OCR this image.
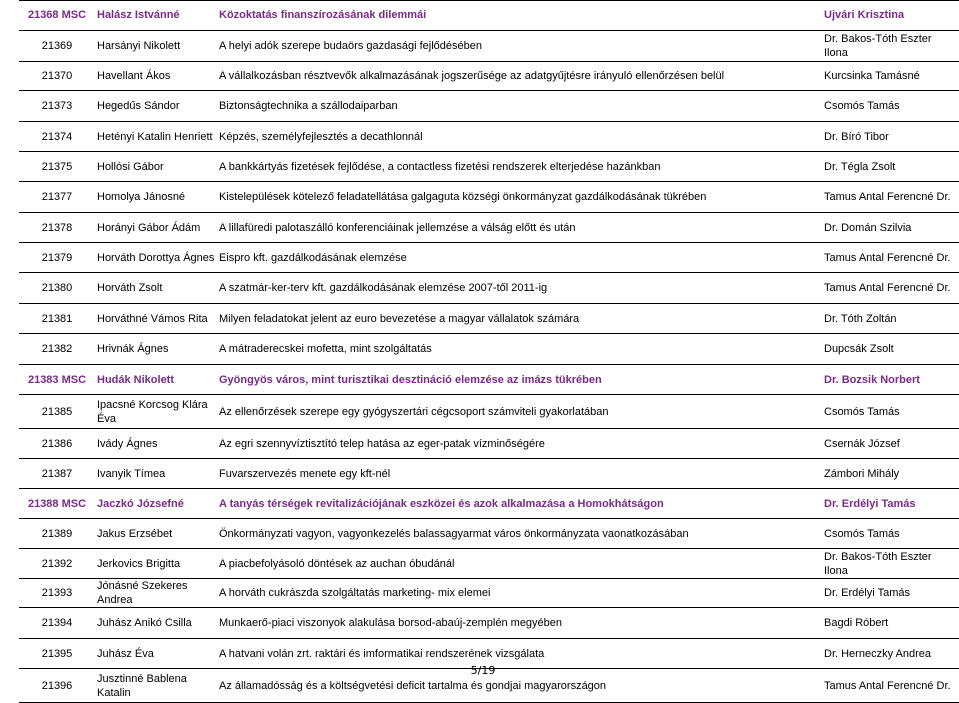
21368 MSC	Halász Istvánné	Közoktatás finanszírozásának dilemmái	Ujvári Krisztina
21369	Harsányi Nikolett	A helyi adók szerepe budaörs gazdasági fejlődésében	Dr. Bakos-Tóth Eszter Ilona
21370	Havellant Ákos	A vállalkozásban résztvevők alkalmazásának jogszerűsége az adatgyűjtésre irányuló ellenőrzésen belül	Kurcsinka Tamásné
21373	Hegedűs Sándor	Biztonságtechnika a szállodaiparban	Csomós Tamás
21374	Hetényi Katalin Henriett	Képzés, személyfejlesztés a decathlonnál	Dr. Bíró Tibor
21375	Hollósi Gábor	A bankkártyás fizetések fejlődése, a contactless fizetési rendszerek elterjedése hazánkban	Dr. Tégla Zsolt
21377	Homolya Jánosné	Kistelepülések kötelező feladatellátása galgaguta községi önkormányzat gazdálkodásának tükrében	Tamus Antal Ferencné Dr.
21378	Horányi Gábor Ádám	A lillafüredi palotaszálló konferenciáinak jellemzése a válság előtt és után	Dr. Domán Szilvia
21379	Horváth Dorottya Ágnes	Eispro kft. gazdálkodásának elemzése	Tamus Antal Ferencné Dr.
21380	Horváth Zsolt	A szatmár-ker-terv kft. gazdálkodásának elemzése 2007-től 2011-ig	Tamus Antal Ferencné Dr.
21381	Horváthné Vámos Rita	Milyen feladatokat jelent az euro bevezetése a magyar vállalatok számára	Dr. Tóth Zoltán
21382	Hrivnák Ágnes	A mátraderecskei mofetta, mint szolgáltatás	Dupcsák Zsolt
21383 MSC	Hudák Nikolett	Gyöngyös város, mint turisztikai desztináció elemzése az imázs tükrében	Dr. Bozsik Norbert
21385	Ipacsné Korcsog Klára Éva	Az ellenőrzések szerepe egy gyógyszertári cégcsoport számviteli gyakorlatában	Csomós Tamás
21386	Ivády Ágnes	Az egri szennyvíztisztító telep hatása az eger-patak vízminőségére	Csernák József
21387	Ivanyik Tímea	Fuvarszervezés menete egy kft-nél	Zámbori Mihály
21388 MSC	Jaczkó Józsefné	A tanyás térségek revitalizációjának eszközei és azok alkalmazása a Homokhátságon	Dr. Erdélyi Tamás
21389	Jakus Erzsébet	Önkormányzati vagyon, vagyonkezelés balassagyarmat város önkormányzata vaonatkozásában	Csomós Tamás
21392	Jerkovics Brigitta	A piacbefolyásoló döntések az auchan óbudánál	Dr. Bakos-Tóth Eszter Ilona
21393	Jónásné Szekeres Andrea	A horváth cukrászda szolgáltatás marketing- mix elemei	Dr. Erdélyi Tamás
21394	Juhász Anikó Csilla	Munkaerő-piaci viszonyok alakulása borsod-abaúj-zemplén megyében	Bagdi Róbert
21395	Juhász Éva	A hatvani volán zrt. raktári és imformatikai rendszerének vizsgálata	Dr. Herneczky Andrea
21396	Jusztinné Bablena Katalin	Az államadósság és a költségvetési deficit tartalma és gondjai magyarországon	Tamus Antal Ferencné Dr.
5/19
